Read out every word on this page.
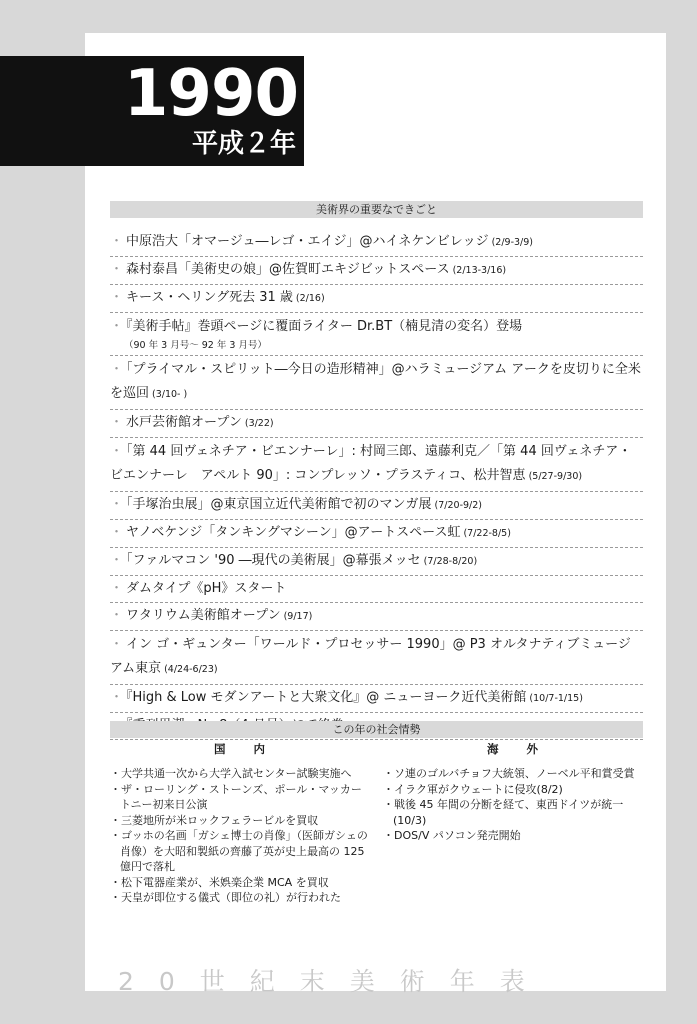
1990
平成２年
美術界の重要なできごと
・ 中原浩大「オマージュ―レゴ・エイジ」@ハイネケンビレッジ (2/9-3/9)
・ 森村泰昌「美術史の娘」@佐賀町エキジビットスペース (2/13-3/16)
・ キース・ヘリング死去 31 歳 (2/16)
・ 『美術手帖』巻頭ページに覆面ライター Dr.BT（楠見清の変名）登場
（90 年 3 月号～ 92 年 3 月号）
・ 「プライマル・スピリット―今日の造形精神」@ハラミュージアム アークを皮切りに全米を巡回 (3/10- )
・ 水戸芸術館オープン (3/22)
・ 「第 44 回ヴェネチア・ビエンナーレ」: 村岡三郎、遠藤利克／「第 44 回ヴェネチア・ビエンナーレ　アペルト 90」: コンプレッソ・プラスティコ、松井智恵 (5/27-9/30)
・ 「手塚治虫展」@東京国立近代美術館で初のマンガ展 (7/20-9/2)
・ ヤノベケンジ「タンキングマシーン」@アートスペース虹 (7/22-8/5)
・ 「ファルマコン '90 ―現代の美術展」@幕張メッセ (7/28-8/20)
・ ダムタイプ《pH》スタート
・ ワタリウム美術館オープン (9/17)
・ イン ゴ・ギュンター「ワールド・プロセッサー 1990」@ P3 オルタナティブミュージアム東京 (4/24-6/23)
・ 『High & Low モダンアートと大衆文化』@ ニューヨーク近代美術館 (10/7-1/15)
この年の社会情勢
国内	海外
・大学共通一次から大学入試センター試験実施へ
・ザ・ローリング・ストーンズ、ポール・マッカートニー初来日公演
・三菱地所が米ロックフェラービルを買収
・ゴッホの名画「ガシェ博士の肖像」（医師ガシェの肖像）を大昭和製紙の齊藤了英が史上最高の 125 億円で落札
・松下電器産業が、米娯楽企業 MCA を買収
・天皇が即位する儀式（即位の礼）が行われた
・ソ連のゴルバチョフ大統領、ノーベル平和賞受賞
・イラク軍がクウェートに侵攻(8/2)
・戦後 45 年間の分断を経て、東西ドイツが統一(10/3)
・DOS/V パソコン発売開始
20世紀末美術年表
